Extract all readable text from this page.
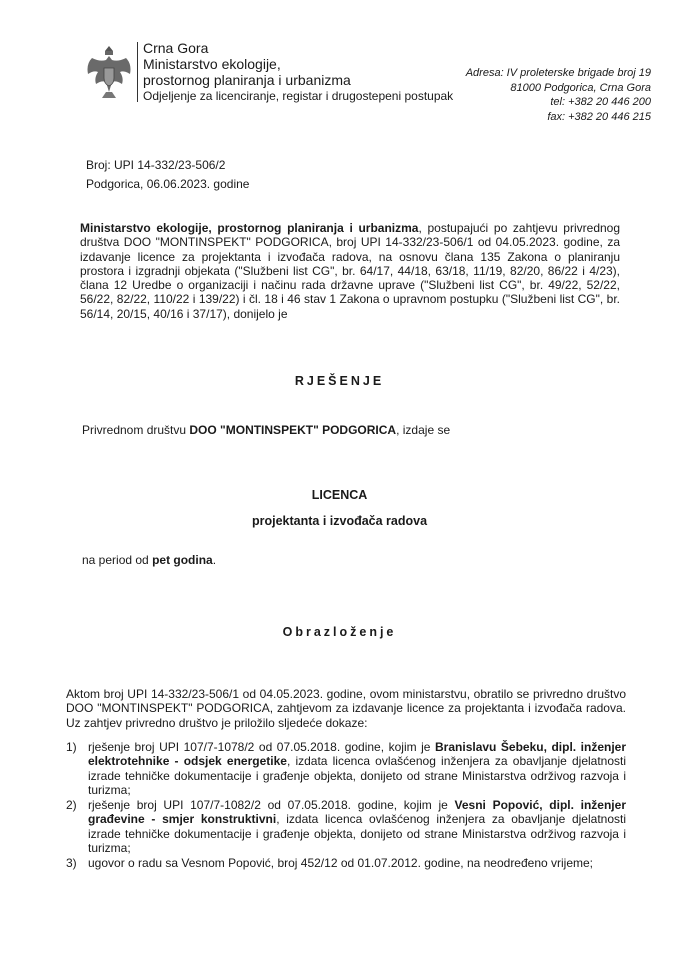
Crna Gora
Ministarstvo ekologije,
prostornog planiranja i urbanizma
Odjeljenje za licenciranje, registar i drugostepeni postupak
Adresa: IV proleterske brigade broj 19
81000 Podgorica, Crna Gora
tel: +382 20 446 200
fax: +382 20 446 215
Broj: UPI 14-332/23-506/2
Podgorica, 06.06.2023. godine
Ministarstvo ekologije, prostornog planiranja i urbanizma, postupajući po zahtjevu privrednog društva DOO "MONTINSPEKT" PODGORICA, broj UPI 14-332/23-506/1 od 04.05.2023. godine, za izdavanje licence za projektanta i izvođača radova, na osnovu člana 135 Zakona o planiranju prostora i izgradnji objekata ("Službeni list CG", br. 64/17, 44/18, 63/18, 11/19, 82/20, 86/22 i 4/23), člana 12 Uredbe o organizaciji i načinu rada državne uprave ("Službeni list CG", br. 49/22, 52/22, 56/22, 82/22, 110/22 i 139/22) i čl. 18 i 46 stav 1 Zakona o upravnom postupku ("Službeni list CG", br. 56/14, 20/15, 40/16 i 37/17), donijelo je
RJEŠENJE
Privrednom društvu DOO "MONTINSPEKT" PODGORICA, izdaje se
LICENCA
projektanta i izvođača radova
na period od pet godina.
Obrazloženje
Aktom broj UPI 14-332/23-506/1 od 04.05.2023. godine, ovom ministarstvu, obratilo se privredno društvo DOO "MONTINSPEKT" PODGORICA, zahtjevom za izdavanje licence za projektanta i izvođača radova. Uz zahtjev privredno društvo je priložilo sljedeće dokaze:
1) rješenje broj UPI 107/7-1078/2 od 07.05.2018. godine, kojim je Branislavu Šebeku, dipl. inženjer elektrotehnike - odsjek energetike, izdata licenca ovlašćenog inženjera za obavljanje djelatnosti izrade tehničke dokumentacije i građenje objekta, donijeto od strane Ministarstva održivog razvoja i turizma;
2) rješenje broj UPI 107/7-1082/2 od 07.05.2018. godine, kojim je Vesni Popović, dipl. inženjer građevine - smjer konstruktivni, izdata licenca ovlašćenog inženjera za obavljanje djelatnosti izrade tehničke dokumentacije i građenje objekta, donijeto od strane Ministarstva održivog razvoja i turizma;
3) ugovor o radu sa Vesnom Popović, broj 452/12 od 01.07.2012. godine, na neodređeno vrijeme;
